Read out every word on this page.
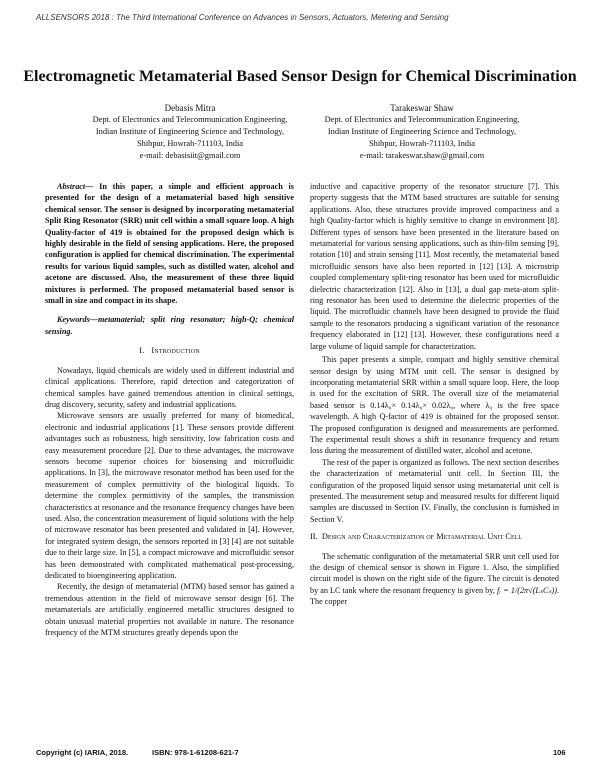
ALLSENSORS 2018 : The Third International Conference on Advances in Sensors, Actuators, Metering and Sensing
Electromagnetic Metamaterial Based Sensor Design for Chemical Discrimination
Debasis Mitra
Dept. of Electronics and Telecommunication Engineering,
Indian Institute of Engineering Science and Technology,
Shibpur, Howrah-711103, India
e-mail: debasisiit@gmail.com
Tarakeswar Shaw
Dept. of Electronics and Telecommunication Engineering,
Indian Institute of Engineering Science and Technology,
Shibpur, Howrah-711103, India
e-mail: tarakeswar.shaw@gmail.com

Abstract— In this paper, a simple and efficient approach is presented for the design of a metamaterial based high sensitive chemical sensor. The sensor is designed by incorporating metamaterial Split Ring Resonator (SRR) unit cell within a small square loop. A high Quality-factor of 419 is obtained for the proposed design which is highly desirable in the field of sensing applications. Here, the proposed configuration is applied for chemical discrimination. The experimental results for various liquid samples, such as distilled water, alcohol and acetone are discussed. Also, the measurement of these three liquid mixtures is performed. The proposed metamaterial based sensor is small in size and compact in its shape.

Keywords—metamaterial; split ring resonator; high-Q; chemical sensing.

I. Introduction

Nowadays, liquid chemicals are widely used in different industrial and clinical applications. Therefore, rapid detection and categorization of chemical samples have gained tremendous attention in clinical settings, drug discovery, security, safety and industrial applications.

Microwave sensors are usually preferred for many of biomedical, electronic and industrial applications [1]. These sensors provide different advantages such as robustness, high sensitivity, low fabrication costs and easy measurement procedure [2]. Due to these advantages, the microwave sensors become superior choices for biosensing and microfluidic applications. In [3], the microwave resonator method has been used for the measurement of complex permittivity of the biological liquids. To determine the complex permittivity of the samples, the transmission characteristics at resonance and the resonance frequency changes have been used. Also, the concentration measurement of liquid solutions with the help of microwave resonator has been presented and validated in [4]. However, for integrated system design, the sensors reported in [3] [4] are not suitable due to their large size. In [5], a compact microwave and microfluidic sensor has been demonstrated with complicated mathematical post-processing, dedicated to bioengineering application.

Recently, the design of metamaterial (MTM) based sensor has gained a tremendous attention in the field of microwave sensor design [6]. The metamaterials are artificially engineered metallic structures designed to obtain unusual material properties not available in nature. The resonance frequency of the MTM structures greatly depends upon the

inductive and capacitive property of the resonator structure [7]. This property suggests that the MTM based structures are suitable for sensing applications. Also, these structures provide improved compactness and a high Quality-factor which is highly sensitive to change in environment [8]. Different types of sensors have been presented in the literature based on metamaterial for various sensing applications, such as thin-film sensing [9], rotation [10] and strain sensing [11]. Most recently, the metamaterial based microfluidic sensors have also been reported in [12] [13]. A microstrip coupled complementary split-ring resonator has been used for microfluidic dielectric characterization [12]. Also in [13], a dual gap meta-atom split-ring resonator has been used to determine the dielectric properties of the liquid. The microfluidic channels have been designed to provide the fluid sample to the resonators producing a significant variation of the resonance frequency elaborated in [12] [13]. However, these configurations need a large volume of liquid sample for characterization.

This paper presents a simple, compact and highly sensitive chemical sensor design by using MTM unit cell. The sensor is designed by incorporating metamaterial SRR within a small square loop. Here, the loop is used for the excitation of SRR. The overall size of the metamaterial based sensor is 0.14λ₀× 0.14λ₀× 0.02λ₀, where λ₀ is the free space wavelength. A high Q-factor of 419 is obtained for the proposed sensor. The proposed configuration is designed and measurements are performed. The experimental result shows a shift in resonance frequency and return loss during the measurement of distilled water, alcohol and acetone.

The rest of the paper is organized as follows. The next section describes the characterization of metamaterial unit cell. In Section III, the configuration of the proposed liquid sensor using metamaterial unit cell is presented. The measurement setup and measured results for different liquid samples are discussed in Section IV. Finally, the conclusion is furnished in Section V.

II. Design and Characterization of Metamaterial Unit Cell

The schematic configuration of the metamaterial SRR unit cell used for the design of chemical sensor is shown in Figure 1. Also, the simplified circuit model is shown on the right side of the figure. The circuit is denoted by an LC tank where the resonant frequency is given by, fᵣ = 1/(2π√(LₛCₛ)). The copper

Copyright (c) IARIA, 2018.	ISBN: 978-1-61208-621-7	106
